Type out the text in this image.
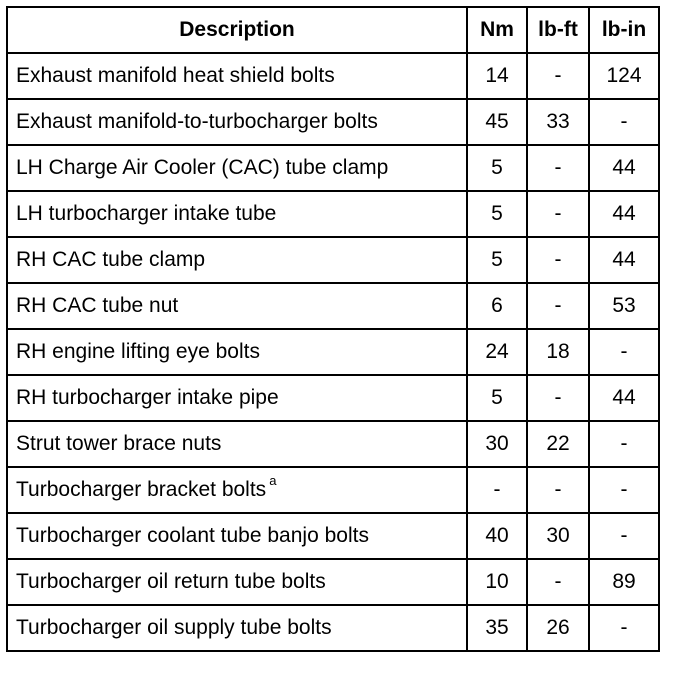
Description	Nm	lb-ft	lb-in
Exhaust manifold heat shield bolts	14	-	124
Exhaust manifold-to-turbocharger bolts	45	33	-
LH Charge Air Cooler (CAC) tube clamp	5	-	44
LH turbocharger intake tube	5	-	44
RH CAC tube clamp	5	-	44
RH CAC tube nut	6	-	53
RH engine lifting eye bolts	24	18	-
RH turbocharger intake pipe	5	-	44
Strut tower brace nuts	30	22	-
Turbocharger bracket bolts $^a$	-	-	-
Turbocharger coolant tube banjo bolts	40	30	-
Turbocharger oil return tube bolts	10	-	89
Turbocharger oil supply tube bolts	35	26	-
